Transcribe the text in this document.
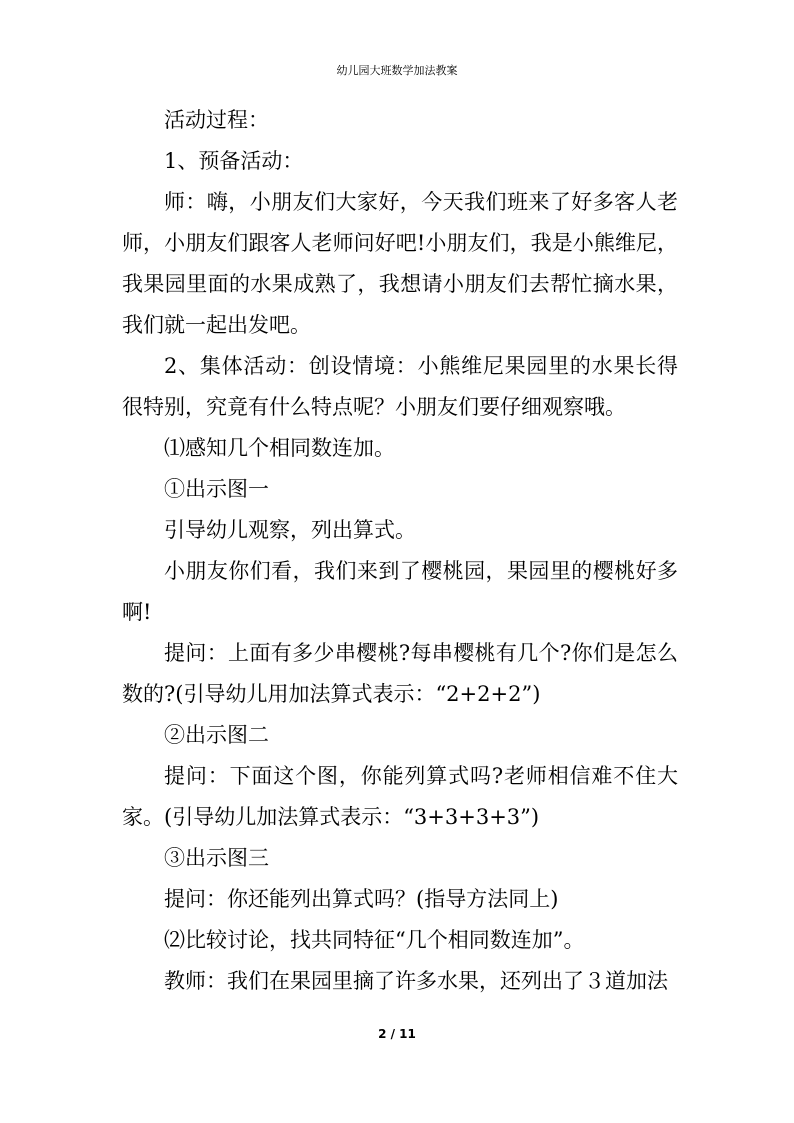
幼儿园大班数学加法教案

活动过程：

1、预备活动：

师：嗨，小朋友们大家好，今天我们班来了好多客人老师，小朋友们跟客人老师问好吧!小朋友们，我是小熊维尼，我果园里面的水果成熟了，我想请小朋友们去帮忙摘水果，我们就一起出发吧。

2、集体活动：创设情境：小熊维尼果园里的水果长得很特别，究竟有什么特点呢？小朋友们要仔细观察哦。

⑴感知几个相同数连加。

①出示图一

引导幼儿观察，列出算式。

小朋友你们看，我们来到了樱桃园，果园里的樱桃好多啊!

提问：上面有多少串樱桃?每串樱桃有几个?你们是怎么数的?(引导幼儿用加法算式表示：“2+2+2”)

②出示图二

提问：下面这个图，你能列算式吗?老师相信难不住大家。(引导幼儿加法算式表示：“3+3+3+3”)

③出示图三

提问：你还能列出算式吗？(指导方法同上)

⑵比较讨论，找共同特征“几个相同数连加”。

教师：我们在果园里摘了许多水果，还列出了３道加法

2 / 11
